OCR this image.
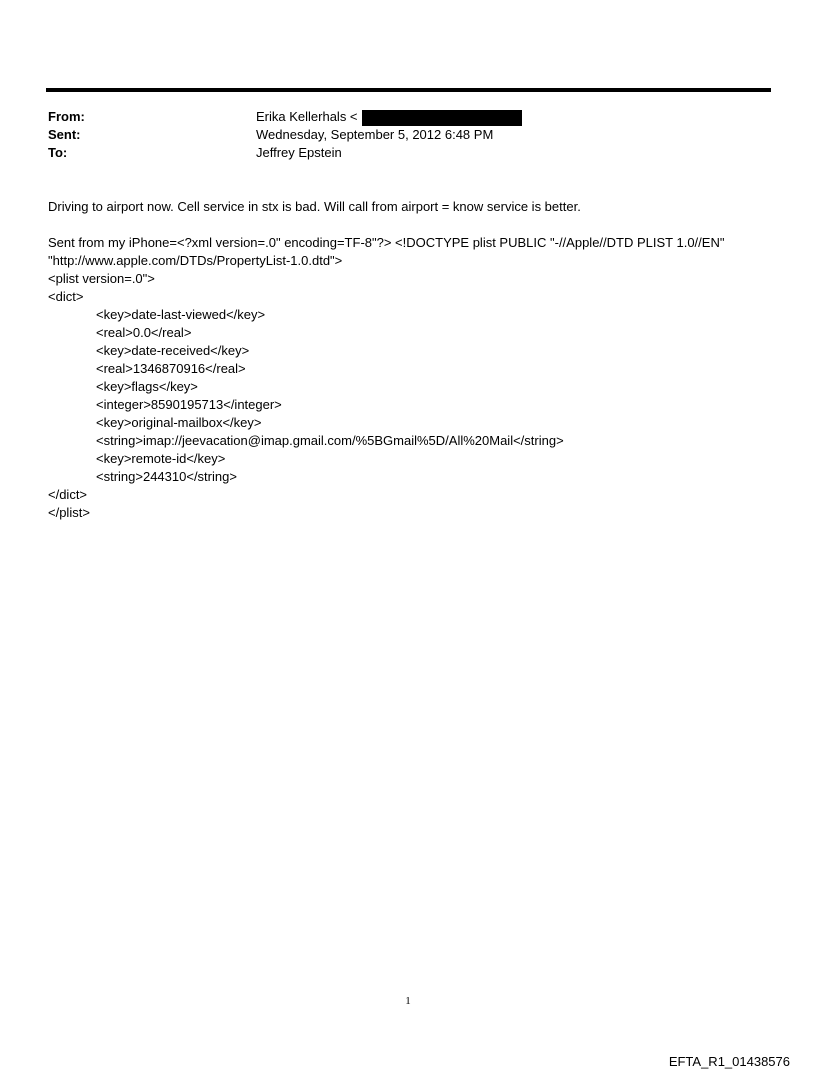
From:	Erika Kellerhals <
Sent:	Wednesday, September 5, 2012 6:48 PM
To:	Jeffrey Epstein

Driving to airport now. Cell service in stx is bad. Will call from airport = know service is better.

Sent from my iPhone=<?xml version=.0" encoding=TF-8"?> <!DOCTYPE plist PUBLIC "-//Apple//DTD PLIST 1.0//EN"
"http://www.apple.com/DTDs/PropertyList-1.0.dtd">
<plist version=.0">
<dict>
<key>date-last-viewed</key>
<real>0.0</real>
<key>date-received</key>
<real>1346870916</real>
<key>flags</key>
<integer>8590195713</integer>
<key>original-mailbox</key>
<string>imap://jeevacation@imap.gmail.com/%5BGmail%5D/All%20Mail</string>
<key>remote-id</key>
<string>244310</string>
</dict>
</plist>
1
EFTA_R1_01438576
